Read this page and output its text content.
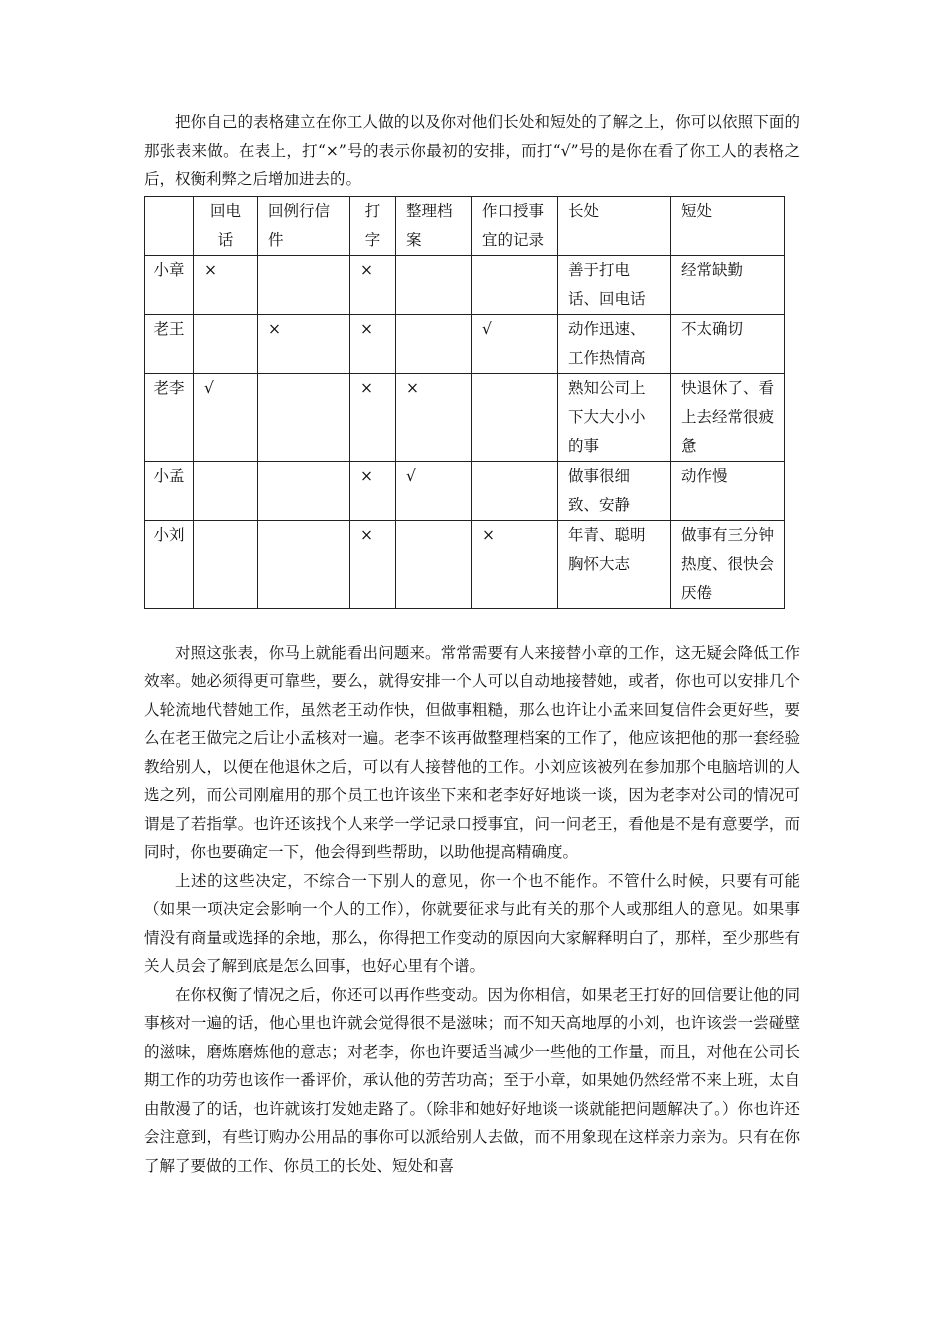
把你自己的表格建立在你工人做的以及你对他们长处和短处的了解之上，你可以依照下面的那张表来做。在表上，打“×”号的表示你最初的安排，而打“√”号的是你在看了你工人的表格之后，权衡利弊之后增加进去的。

	回电话	回例行信件	打字	整理档案	作口授事宜的记录	长处	短处
小章	×		×			善于打电话、回电话	经常缺勤
老王		×	×		√	动作迅速、工作热情高	不太确切
老李	√		×	×		熟知公司上下大大小小的事	快退休了、看上去经常很疲惫
小孟			×	√		做事很细致、安静	动作慢
小刘			×		×	年青、聪明胸怀大志	做事有三分钟热度、很快会厌倦

对照这张表，你马上就能看出问题来。常常需要有人来接替小章的工作，这无疑会降低工作效率。她必须得更可靠些，要么，就得安排一个人可以自动地接替她，或者，你也可以安排几个人轮流地代替她工作，虽然老王动作快，但做事粗糙，那么也许让小孟来回复信件会更好些，要么在老王做完之后让小孟核对一遍。老李不该再做整理档案的工作了，他应该把他的那一套经验教给别人，以便在他退休之后，可以有人接替他的工作。小刘应该被列在参加那个电脑培训的人选之列，而公司刚雇用的那个员工也许该坐下来和老李好好地谈一谈，因为老李对公司的情况可谓是了若指掌。也许还该找个人来学一学记录口授事宜，问一问老王，看他是不是有意要学，而同时，你也要确定一下，他会得到些帮助，以助他提高精确度。

上述的这些决定，不综合一下别人的意见，你一个也不能作。不管什么时候，只要有可能（如果一项决定会影响一个人的工作），你就要征求与此有关的那个人或那组人的意见。如果事情没有商量或选择的余地，那么，你得把工作变动的原因向大家解释明白了，那样，至少那些有关人员会了解到底是怎么回事，也好心里有个谱。

在你权衡了情况之后，你还可以再作些变动。因为你相信，如果老王打好的回信要让他的同事核对一遍的话，他心里也许就会觉得很不是滋味；而不知天高地厚的小刘，也许该尝一尝碰壁的滋味，磨炼磨炼他的意志；对老李，你也许要适当减少一些他的工作量，而且，对他在公司长期工作的功劳也该作一番评价，承认他的劳苦功高；至于小章，如果她仍然经常不来上班，太自由散漫了的话，也许就该打发她走路了。（除非和她好好地谈一谈就能把问题解决了。）你也许还会注意到，有些订购办公用品的事你可以派给别人去做，而不用象现在这样亲力亲为。只有在你了解了要做的工作、你员工的长处、短处和喜
